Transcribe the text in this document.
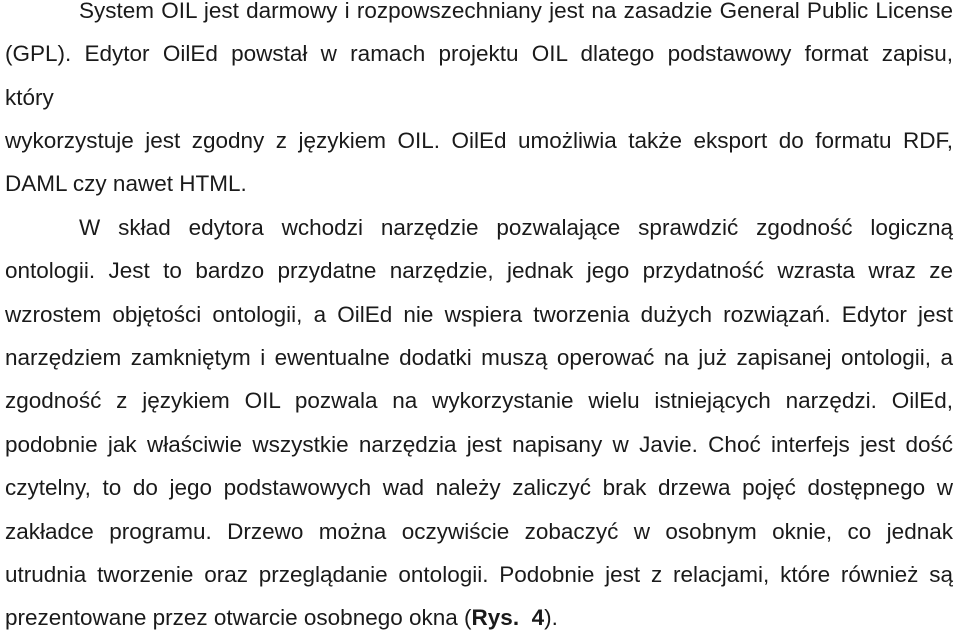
System OIL jest darmowy i rozpowszechniany jest na zasadzie General Public License
(GPL). Edytor OilEd powstał w ramach projektu OIL dlatego podstawowy format zapisu,
który
wykorzystuje jest zgodny z językiem OIL. OilEd umożliwia także eksport do formatu RDF,
DAML czy nawet HTML.
W skład edytora wchodzi narzędzie pozwalające sprawdzić zgodność logiczną
ontologii. Jest to bardzo przydatne narzędzie, jednak jego przydatność wzrasta wraz ze
wzrostem objętości ontologii, a OilEd nie wspiera tworzenia dużych rozwiązań. Edytor jest
narzędziem zamkniętym i ewentualne dodatki muszą operować na już zapisanej ontologii, a
zgodność z językiem OIL pozwala na wykorzystanie wielu istniejących narzędzi. OilEd,
podobnie jak właściwie wszystkie narzędzia jest napisany w Javie. Choć interfejs jest dość
czytelny, to do jego podstawowych wad należy zaliczyć brak drzewa pojęć dostępnego w
zakładce programu. Drzewo można oczywiście zobaczyć w osobnym oknie, co jednak
utrudnia tworzenie oraz przeglądanie ontologii. Podobnie jest z relacjami, które również są
prezentowane przez otwarcie osobnego okna (Rys. 4).
